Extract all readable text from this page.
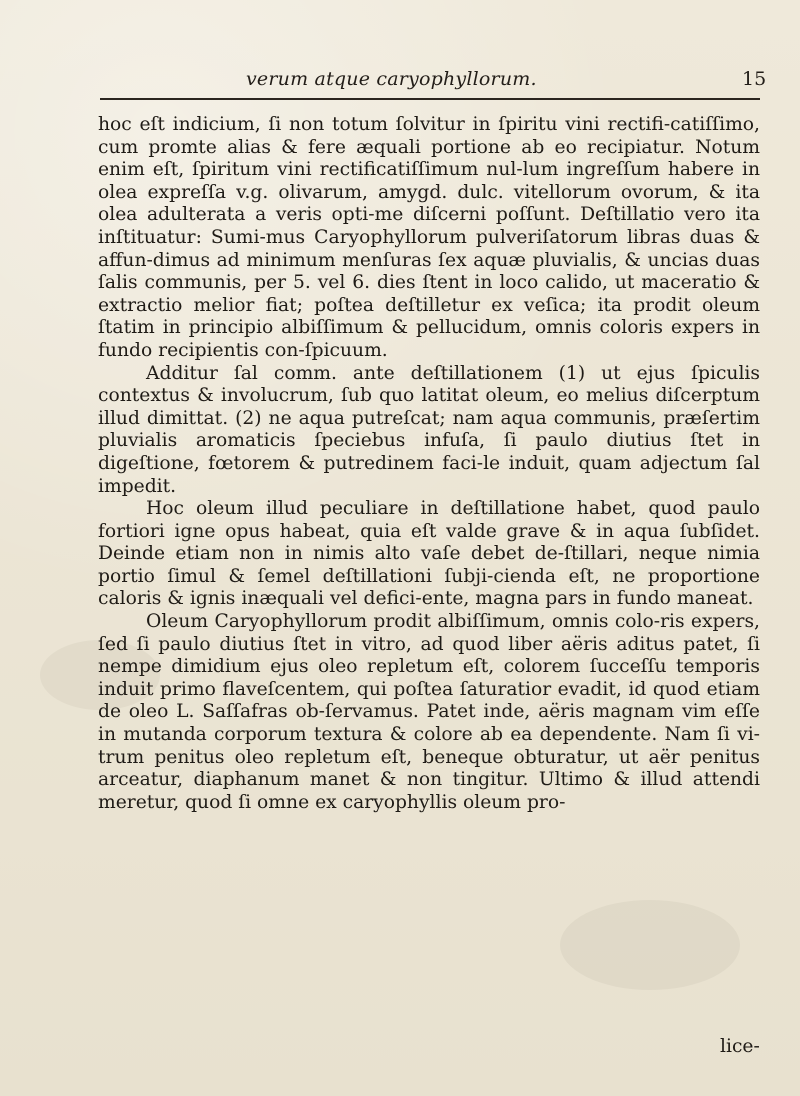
verum atque caryophyllorum.	15

hoc eſt indicium, ſi non totum ſolvitur in ſpiritu vini rectifi-catiſſimo, cum promte alias & fere æquali portione ab eo recipiatur. Notum enim eſt, ſpiritum vini rectificatiſſimum nul-lum ingreſſum habere in olea expreſſa v.g. olivarum, amygd. dulc. vitellorum ovorum, & ita olea adulterata a veris opti-me diſcerni poſſunt. Deſtillatio vero ita inſtituatur: Sumi-mus Caryophyllorum pulveriſatorum libras duas & affun-dimus ad minimum menſuras ſex aquæ pluvialis, & uncias duas ſalis communis, per 5. vel 6. dies ſtent in loco calido, ut maceratio & extractio melior fiat; poſtea deſtilletur ex veſica; ita prodit oleum ſtatim in principio albiſſimum & pellucidum, omnis coloris expers in fundo recipientis con-ſpicuum.

Additur ſal comm. ante deſtillationem (1) ut ejus ſpiculis contextus & involucrum, ſub quo latitat oleum, eo melius diſcerptum illud dimittat. (2) ne aqua putreſcat; nam aqua communis, præſertim pluvialis aromaticis ſpeciebus infuſa, ſi paulo diutius ſtet in digeſtione, fœtorem & putredinem faci-le induit, quam adjectum ſal impedit.

Hoc oleum illud peculiare in deſtillatione habet, quod paulo fortiori igne opus habeat, quia eſt valde grave & in aqua ſubſidet. Deinde etiam non in nimis alto vaſe debet de-ſtillari, neque nimia portio ſimul & ſemel deſtillationi ſubji-cienda eſt, ne proportione caloris & ignis inæquali vel defici-ente, magna pars in fundo maneat.

Oleum Caryophyllorum prodit albiſſimum, omnis colo-ris expers, ſed ſi paulo diutius ſtet in vitro, ad quod liber aëris aditus patet, ſi nempe dimidium ejus oleo repletum eſt, colorem ſucceſſu temporis induit primo flaveſcentem, qui poſtea ſaturatior evadit, id quod etiam de oleo L. Saſſafras ob-ſervamus. Patet inde, aëris magnam vim eſſe in mutanda corporum textura & colore ab ea dependente. Nam ſi vi-trum penitus oleo repletum eſt, beneque obturatur, ut aër penitus arceatur, diaphanum manet & non tingitur. Ultimo & illud attendi meretur, quod ſi omne ex caryophyllis oleum pro-

lice-
